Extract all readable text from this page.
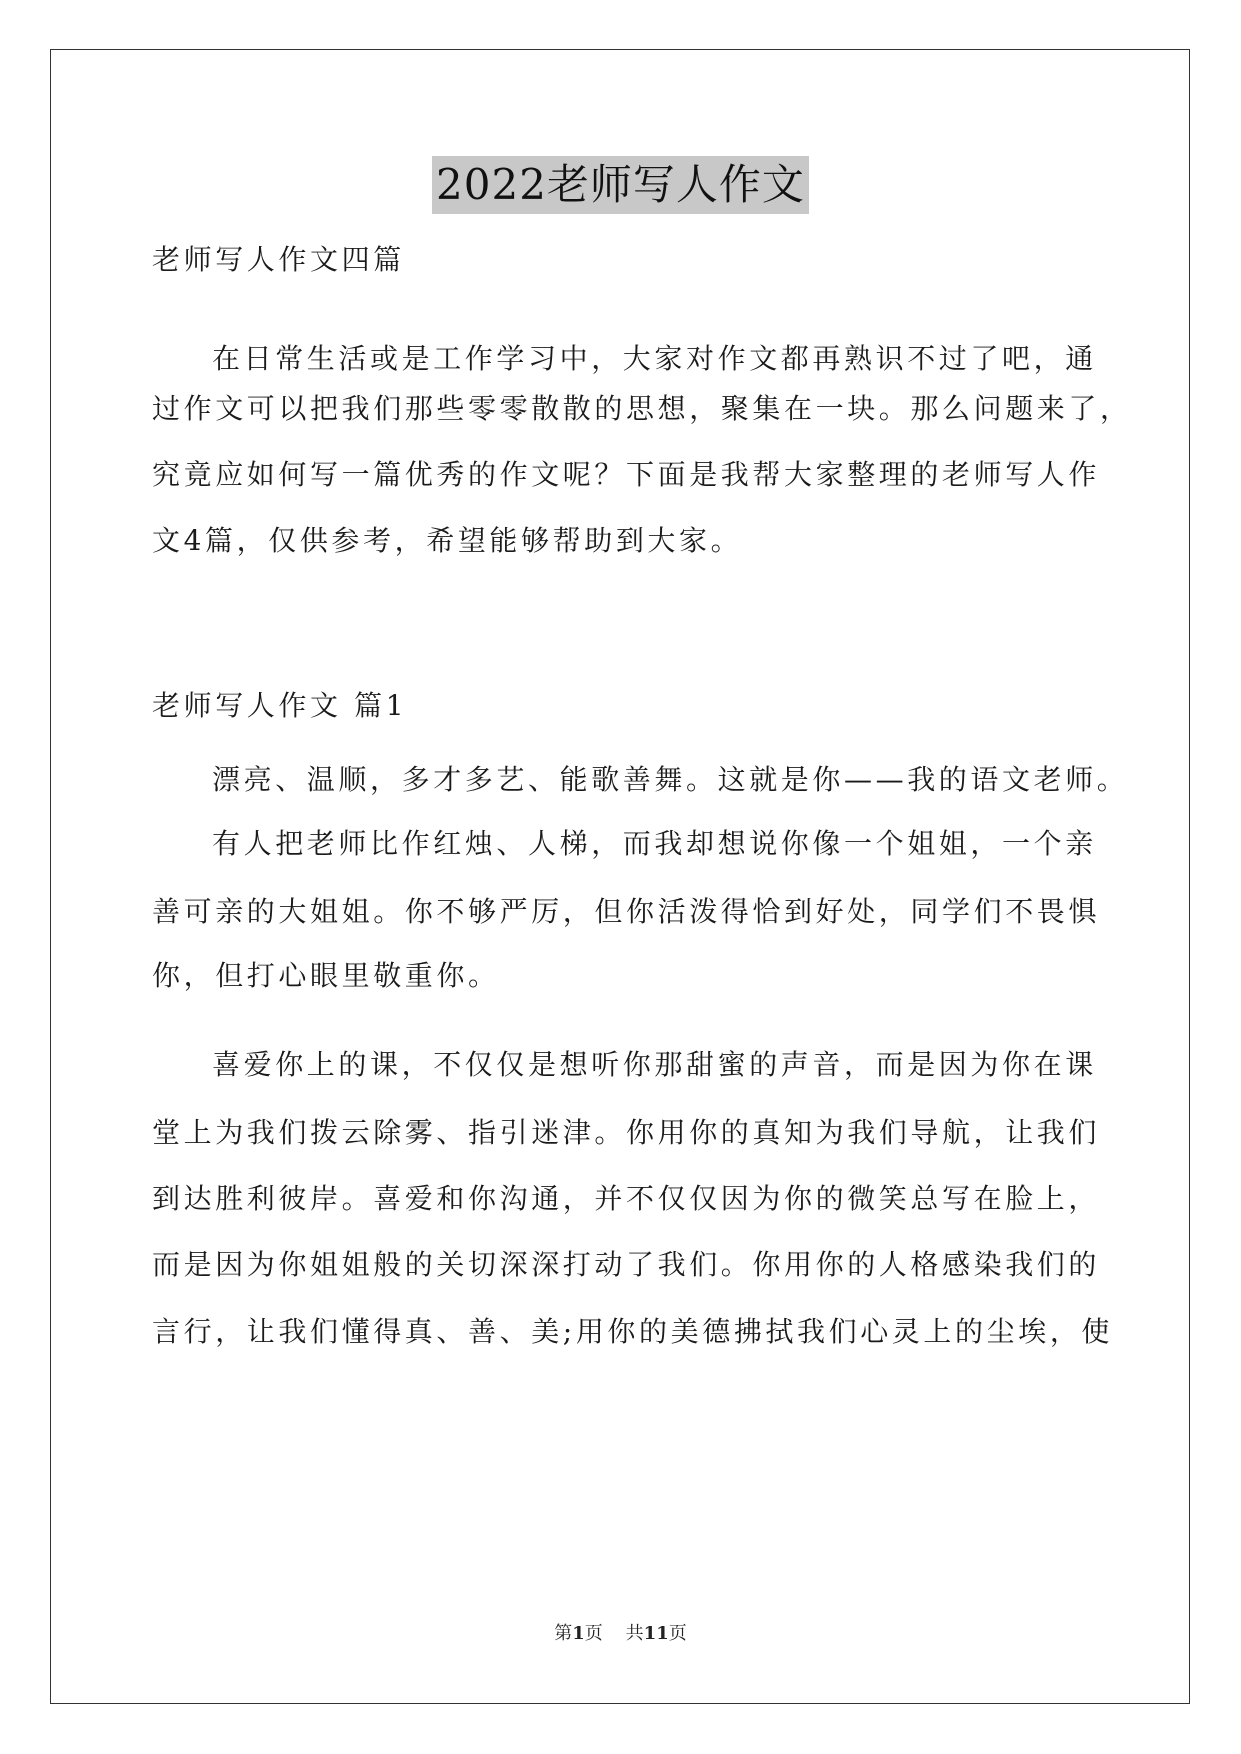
2022老师写人作文
老师写人作文四篇
在日常生活或是工作学习中，大家对作文都再熟识不过了吧，通
过作文可以把我们那些零零散散的思想，聚集在一块。那么问题来了，
究竟应如何写一篇优秀的作文呢？下面是我帮大家整理的老师写人作
文4篇，仅供参考，希望能够帮助到大家。
老师写人作文 篇1
漂亮、温顺，多才多艺、能歌善舞。这就是你——我的语文老师。
有人把老师比作红烛、人梯，而我却想说你像一个姐姐，一个亲
善可亲的大姐姐。你不够严厉，但你活泼得恰到好处，同学们不畏惧
你，但打心眼里敬重你。
喜爱你上的课，不仅仅是想听你那甜蜜的声音，而是因为你在课
堂上为我们拨云除雾、指引迷津。你用你的真知为我们导航，让我们
到达胜利彼岸。喜爱和你沟通，并不仅仅因为你的微笑总写在脸上，
而是因为你姐姐般的关切深深打动了我们。你用你的人格感染我们的
言行，让我们懂得真、善、美;用你的美德拂拭我们心灵上的尘埃，使
第1页 共11页
